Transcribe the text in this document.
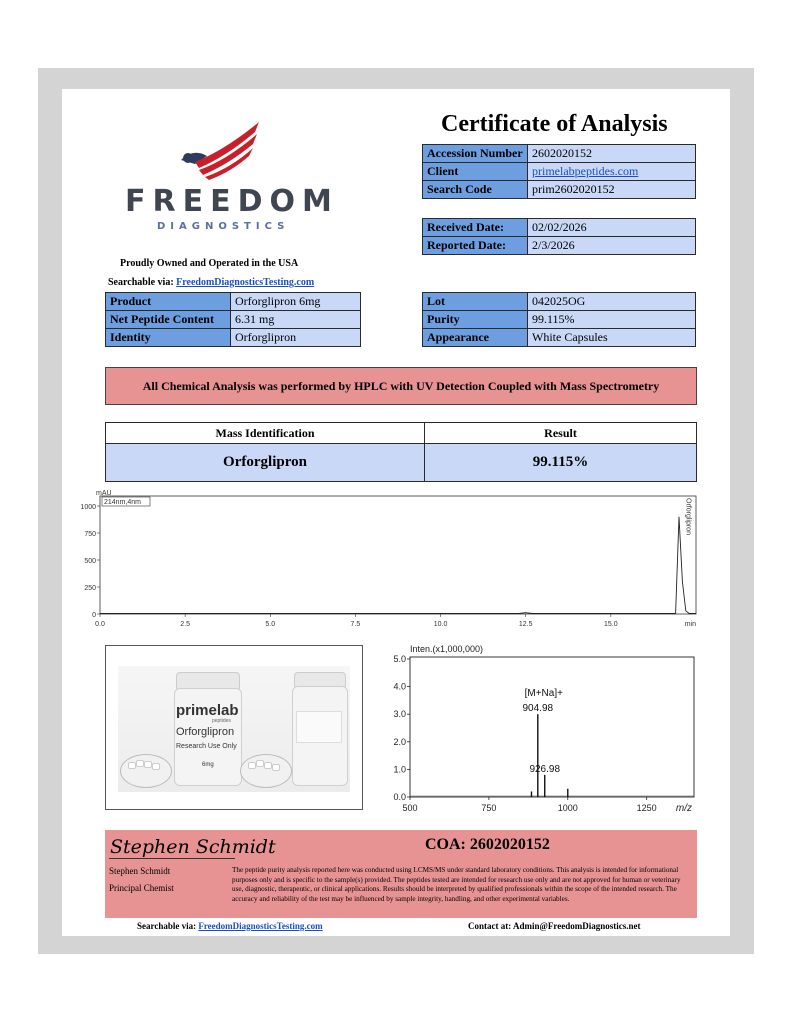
FREEDOM
DIAGNOSTICS
Proudly Owned and Operated in the USA
Searchable via: FreedomDiagnosticsTesting.com
Certificate of Analysis
Accession Number	2602020152
Client	primelabpeptides.com
Search Code	prim2602020152
Received Date:	02/02/2026
Reported Date:	2/3/2026
Product	Orforglipron 6mg
Net Peptide Content	6.31 mg
Identity	Orforglipron
Lot	042025OG
Purity	99.115%
Appearance	White Capsules
All Chemical Analysis was performed by HPLC with UV Detection Coupled with Mass Spectrometry
Mass Identification	Result
Orforglipron	99.115%
mAU
214nm,4nm
0
250
500
750
1000
0.0	2.5	5.0	7.5	10.0	12.5	15.0	min
Orforglipron
primelab
peptides
Orforglipron
Research Use Only
6mg
Inten.(x1,000,000)
0.0
1.0
2.0
3.0
4.0
5.0
500	750	1000	1250 m/z
904.98
926.98
[M+Na]+
Stephen Schmidt
Stephen Schmidt
Principal Chemist
COA: 2602020152
The peptide purity analysis reported here was conducted using LCMS/MS under standard laboratory conditions. This analysis is intended for informational purposes only and is specific to the sample(s) provided. The peptides tested are intended for research use only and are not approved for human or veterinary use, diagnostic, therapeutic, or clinical applications. Results should be interpreted by qualified professionals within the scope of the intended research. The accuracy and reliability of the test may be influenced by sample integrity, handling, and other experimental variables.
Searchable via: FreedomDiagnosticsTesting.com	Contact at: Admin@FreedomDiagnostics.net
